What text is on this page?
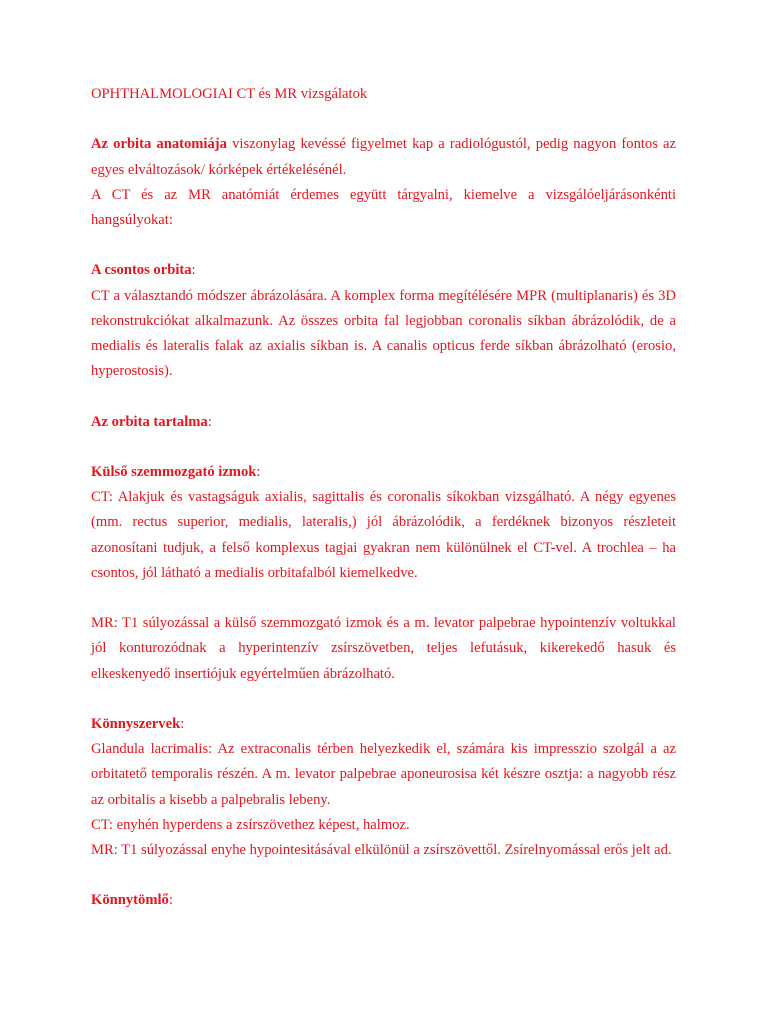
OPHTHALMOLOGIAI CT és MR vizsgálatok

Az orbita anatomiája viszonylag kevéssé figyelmet kap a radiológustól, pedig nagyon fontos az egyes elváltozások/ kórképek értékelésénél.

A CT és az MR anatómiát érdemes együtt tárgyalni, kiemelve a vizsgálóeljárásonkénti hangsúlyokat:

A csontos orbita:

CT a választandó módszer ábrázolására. A komplex forma megítélésére MPR (multiplanaris) és 3D rekonstrukciókat alkalmazunk. Az összes orbita fal legjobban coronalis síkban ábrázolódik, de a medialis és lateralis falak az axialis síkban is. A canalis opticus ferde síkban ábrázolható (erosio, hyperostosis).

Az orbita tartalma:

Külső szemmozgató izmok:

CT: Alakjuk és vastagságuk axialis, sagittalis és coronalis síkokban vizsgálható. A négy egyenes (mm. rectus superior, medialis, lateralis,) jól ábrázolódik, a ferdéknek bizonyos részleteit azonosítani tudjuk, a felső komplexus tagjai gyakran nem különülnek el CT-vel. A trochlea – ha csontos, jól látható a medialis orbitafalból kiemelkedve.

MR: T1 súlyozással a külső szemmozgató izmok és a m. levator palpebrae hypointenzív voltukkal jól konturozódnak a hyperintenzív zsírszövetben, teljes lefutásuk, kikerekedő hasuk és elkeskenyedő insertiójuk egyértelműen ábrázolható.

Könnyszervek:

Glandula lacrimalis: Az extraconalis térben helyezkedik el, számára kis impresszio szolgál a az orbitatető temporalis részén. A m. levator palpebrae aponeurosisa két készre osztja: a nagyobb rész az orbitalis a kisebb a palpebralis lebeny.

CT: enyhén hyperdens a zsírszövethez képest, halmoz.

MR: T1 súlyozással enyhe hypointesitásával elkülönül a zsírszövettől. Zsírelnyomással erős jelt ad.

Könnytömlő:
